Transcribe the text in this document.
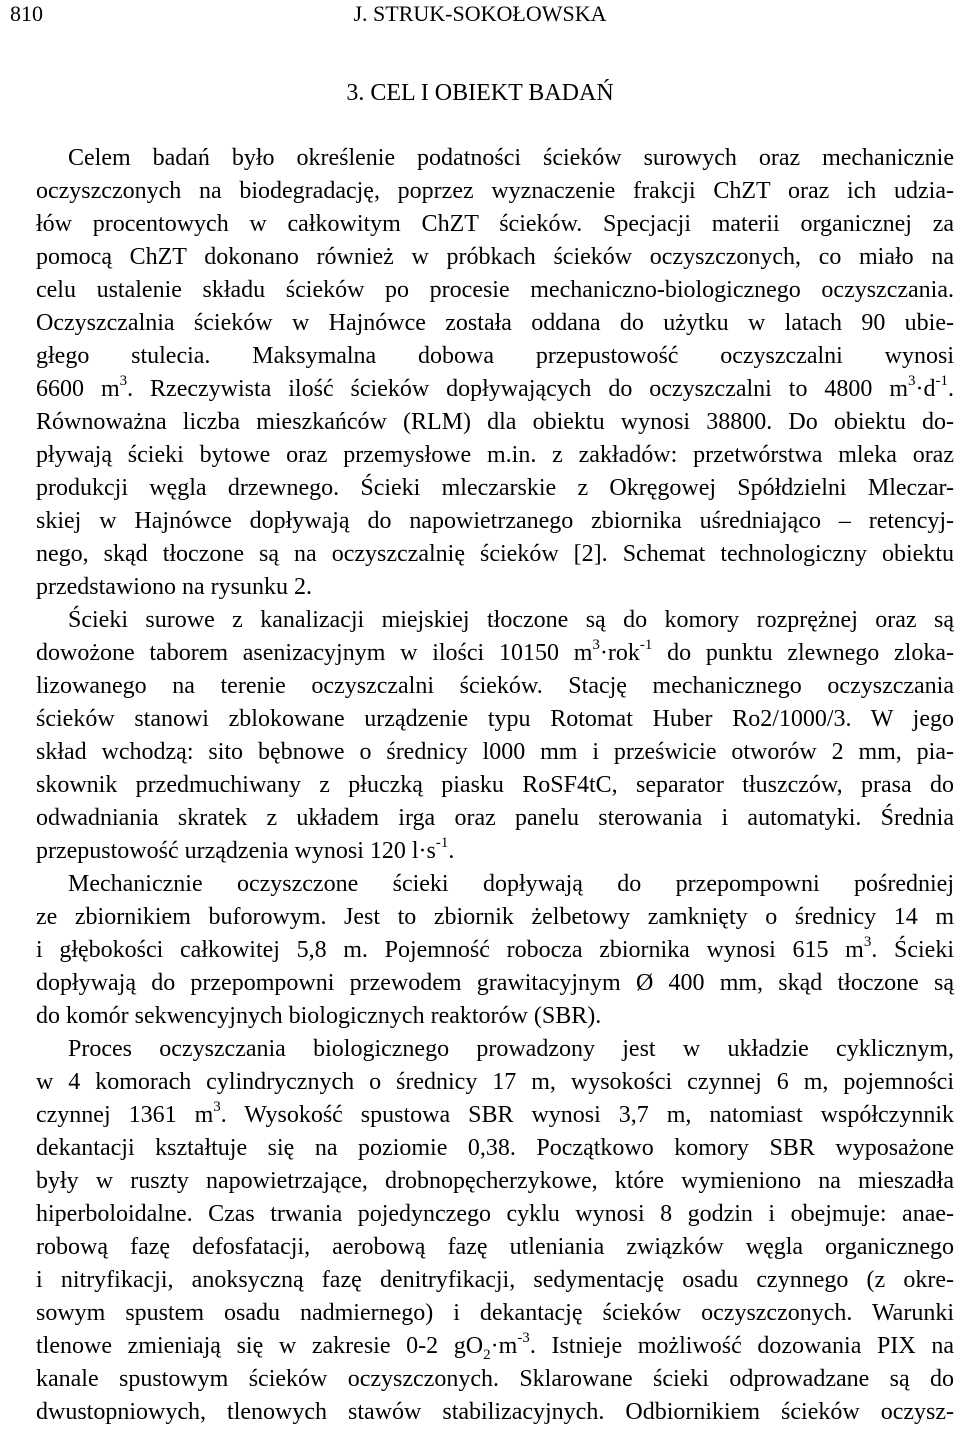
810	J. STRUK-SOKOŁOWSKA
3. CEL I OBIEKT BADAŃ
Celem badań było określenie podatności ścieków surowych oraz mechanicznie
oczyszczonych na biodegradację, poprzez wyznaczenie frakcji ChZT oraz ich udzia-
łów procentowych w całkowitym ChZT ścieków. Specjacji materii organicznej za
pomocą ChZT dokonano również w próbkach ścieków oczyszczonych, co miało na
celu ustalenie składu ścieków po procesie mechaniczno-biologicznego oczyszczania.
Oczyszczalnia ścieków w Hajnówce została oddana do użytku w latach 90 ubie-
głego stulecia. Maksymalna dobowa przepustowość oczyszczalni wynosi
6600 $m^3$. Rzeczywista ilość ścieków dopływających do oczyszczalni to 4800 $m^3\cdot d^{-1}$.
Równoważna liczba mieszkańców (RLM) dla obiektu wynosi 38800. Do obiektu do-
pływają ścieki bytowe oraz przemysłowe m.in. z zakładów: przetwórstwa mleka oraz
produkcji węgla drzewnego. Ścieki mleczarskie z Okręgowej Spółdzielni Mleczar-
skiej w Hajnówce dopływają do napowietrzanego zbiornika uśredniająco – retencyj-
nego, skąd tłoczone są na oczyszczalnię ścieków [2]. Schemat technologiczny obiektu
przedstawiono na rysunku 2.
Ścieki surowe z kanalizacji miejskiej tłoczone są do komory rozprężnej oraz są
dowożone taborem asenizacyjnym w ilości 10150 $m^3\cdot rok^{-1}$ do punktu zlewnego zloka-
lizowanego na terenie oczyszczalni ścieków. Stację mechanicznego oczyszczania
ścieków stanowi zblokowane urządzenie typu Rotomat Huber Ro2/1000/3. W jego
skład wchodzą: sito bębnowe o średnicy l000 mm i prześwicie otworów 2 mm, pia-
skownik przedmuchiwany z płuczką piasku RoSF4tC, separator tłuszczów, prasa do
odwadniania skratek z układem irga oraz panelu sterowania i automatyki. Średnia
przepustowość urządzenia wynosi 120 $l\cdot s^{-1}$.
Mechanicznie oczyszczone ścieki dopływają do przepompowni pośredniej
ze zbiornikiem buforowym. Jest to zbiornik żelbetowy zamknięty o średnicy 14 m
i głębokości całkowitej 5,8 m. Pojemność robocza zbiornika wynosi 615 $m^3$. Ścieki
dopływają do przepompowni przewodem grawitacyjnym Ø 400 mm, skąd tłoczone są
do komór sekwencyjnych biologicznych reaktorów (SBR).
Proces oczyszczania biologicznego prowadzony jest w układzie cyklicznym,
w 4 komorach cylindrycznych o średnicy 17 m, wysokości czynnej 6 m, pojemności
czynnej 1361 $m^3$. Wysokość spustowa SBR wynosi 3,7 m, natomiast współczynnik
dekantacji kształtuje się na poziomie 0,38. Początkowo komory SBR wyposażone
były w ruszty napowietrzające, drobnopęcherzykowe, które wymieniono na mieszadła
hiperboloidalne. Czas trwania pojedynczego cyklu wynosi 8 godzin i obejmuje: anae-
robową fazę defosfatacji, aerobową fazę utleniania związków węgla organicznego
i nitryfikacji, anoksyczną fazę denitryfikacji, sedymentację osadu czynnego (z okre-
sowym spustem osadu nadmiernego) i dekantację ścieków oczyszczonych. Warunki
tlenowe zmieniają się w zakresie 0-2 $gO_2\cdot m^{-3}$. Istnieje możliwość dozowania PIX na
kanale spustowym ścieków oczyszczonych. Sklarowane ścieki odprowadzane są do
dwustopniowych, tlenowych stawów stabilizacyjnych. Odbiornikiem ścieków oczysz-
